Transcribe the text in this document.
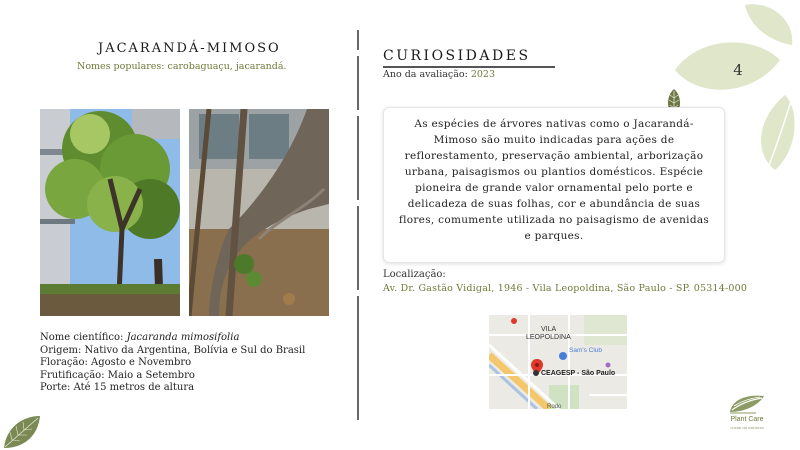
JACARANDÁ-MIMOSO
Nomes populares: carobaguaçu, jacarandá.
Nome científico: Jacaranda mimosifolia
Origem: Nativo da Argentina, Bolívia e Sul do Brasil
Floração: Agosto e Novembro
Frutificação: Maio a Setembro
Porte: Até 15 metros de altura
CURIOSIDADES
Ano da avaliação: 2023

As espécies de árvores nativas como o Jacarandá-Mimoso são muito indicadas para ações de reflorestamento, preservação ambiental, arborização urbana, paisagismos ou plantios domésticos. Espécie pioneira de grande valor ornamental pelo porte e delicadeza de suas folhas, cor e abundância de suas flores, comumente utilizada no paisagismo de avenidas e parques.

Localização:
Av. Dr. Gastão Vidigal, 1946 - Vila Leopoldina, São Paulo - SP. 05314-000
VILA
LEOPOLDINA
Sam's Club
CEAGESP - São Paulo
Rodo
4
Plant Care
cuidar da natureza
